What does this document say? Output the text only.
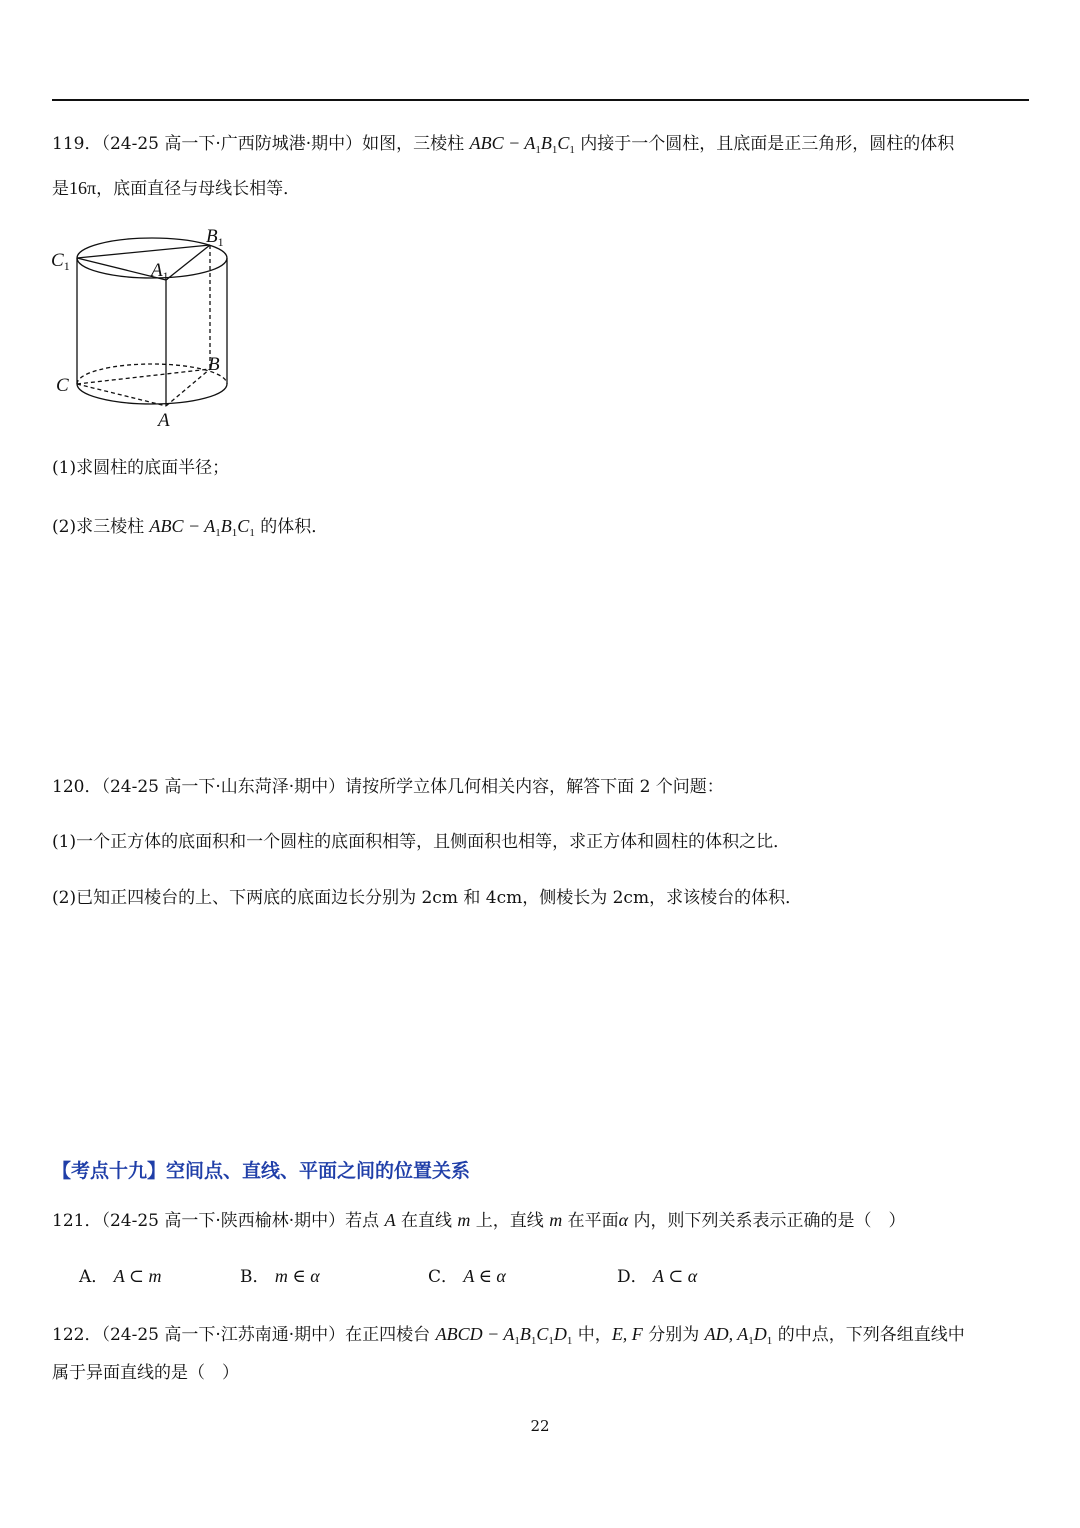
119．（24-25 高一下·广西防城港·期中）如图，三棱柱 ABC − $A_1B_1C_1$ 内接于一个圆柱，且底面是正三角形，圆柱的体积
是16π，底面直径与母线长相等．
$C_1$
$B_1$
$A_1$
B
C
A
(1)求圆柱的底面半径；
(2)求三棱柱 ABC − $A_1B_1C_1$ 的体积．
120．（24-25 高一下·山东菏泽·期中）请按所学立体几何相关内容，解答下面 2 个问题：
(1)一个正方体的底面积和一个圆柱的底面积相等，且侧面积也相等，求正方体和圆柱的体积之比．
(2)已知正四棱台的上、下两底的底面边长分别为 2cm 和 4cm，侧棱长为 2cm，求该棱台的体积．
【考点十九】空间点、直线、平面之间的位置关系
121．（24-25 高一下·陕西榆林·期中）若点 A 在直线 m 上，直线 m 在平面α 内，则下列关系表示正确的是（　）
A． A ⊂ m	B． m ∈ α	C． A ∈ α	D． A ⊂ α
122．（24-25 高一下·江苏南通·期中）在正四棱台 ABCD − $A_1B_1C_1D_1$ 中，E, F 分别为 AD, $A_1D_1$ 的中点，下列各组直线中
属于异面直线的是（　）
22
